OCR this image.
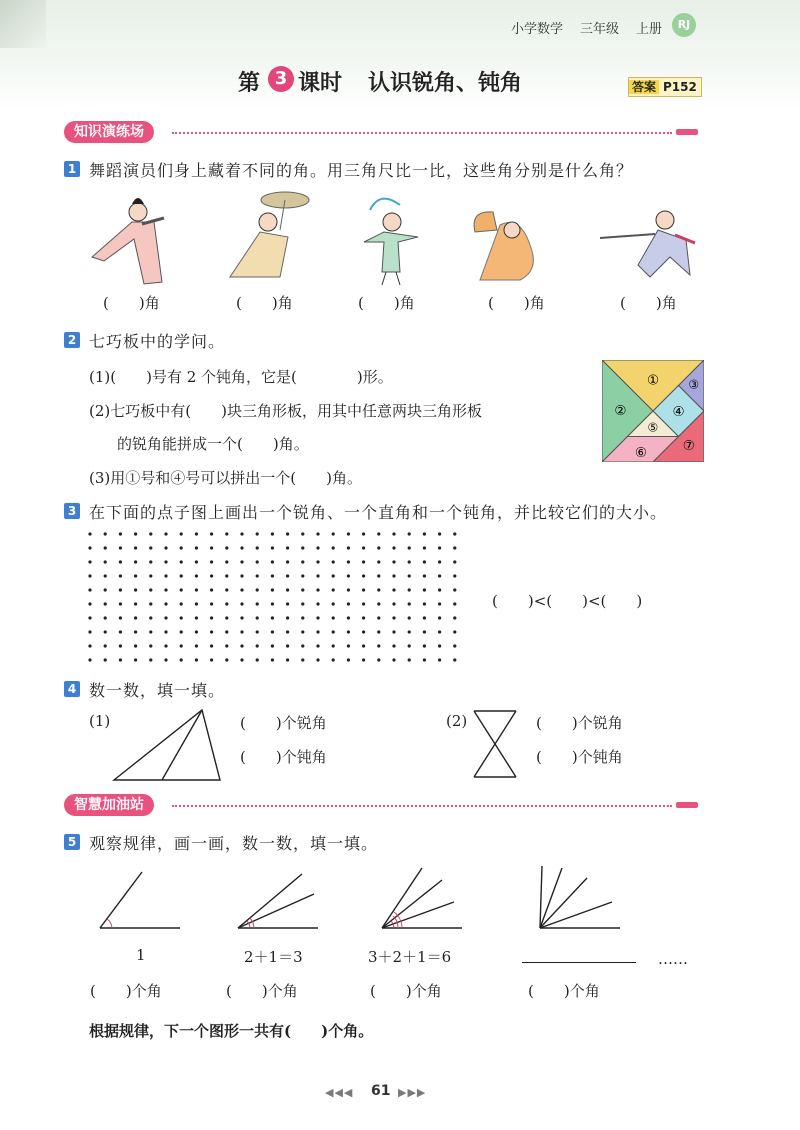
小学数学 三年级 上册	RJ
第 3 课时 认识锐角、钝角	答案 P152
知识演练场
1 舞蹈演员们身上藏着不同的角。用三角尺比一比，这些角分别是什么角？
(　　)角	(　　)角	(　　)角	(　　)角	(　　)角
2 七巧板中的学问。
(1)(　　)号有 2 个钝角，它是(　　　　)形。
(2)七巧板中有(　　)块三角形板，用其中任意两块三角形板
的锐角能拼成一个(　　)角。
(3)用①号和④号可以拼出一个(　　)角。
①
②
③
④
⑤
⑥	⑦
3 在下面的点子图上画出一个锐角、一个直角和一个钝角，并比较它们的大小。
(　　)<(　　)<(　　)
4 数一数，填一填。
(1)	(　　)个锐角
(　　)个钝角
(2)	(　　)个锐角
(　　)个钝角
智慧加油站
5 观察规律，画一画，数一数，填一填。
1	2＋1＝3	3＋2＋1＝6	……
(　　)个角	(　　)个角	(　　)个角	(　　)个角
根据规律，下一个图形一共有(　　)个角。
◀◀◀ 61 ▶▶▶
